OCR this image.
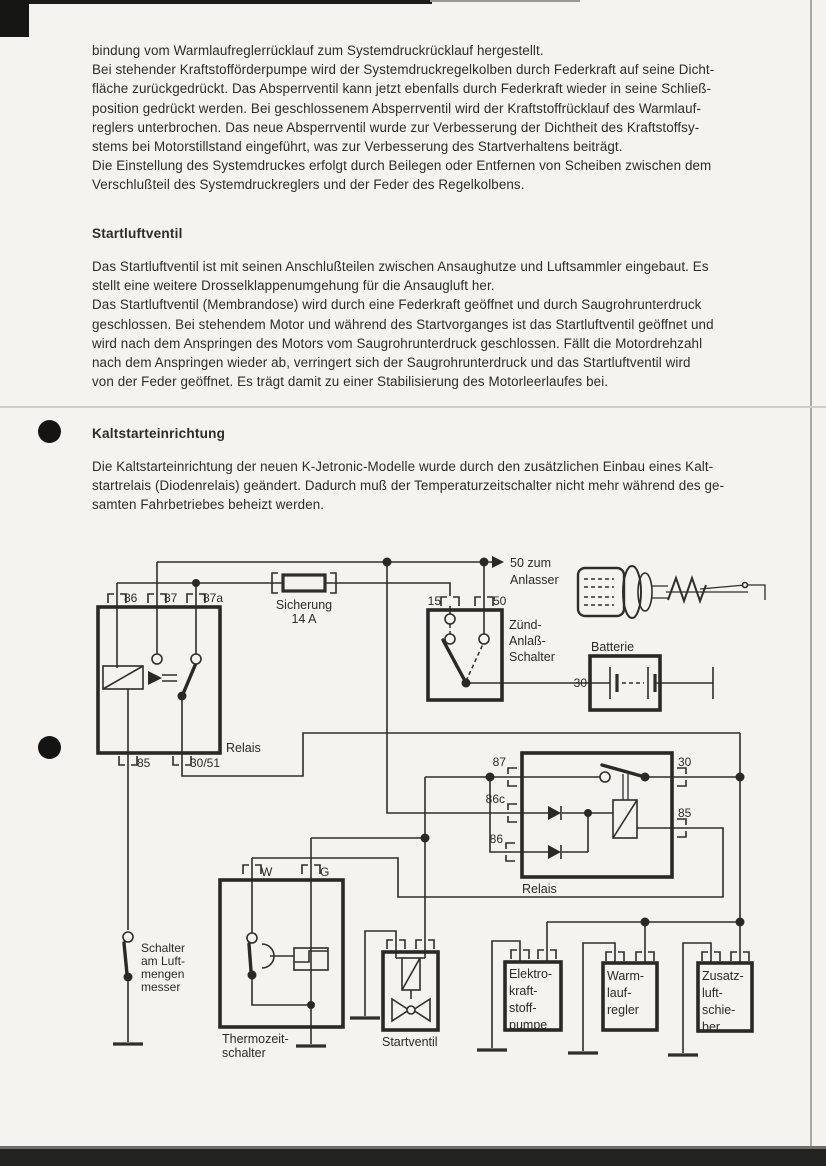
bindung vom Warmlaufreglerrücklauf zum Systemdruckrücklauf hergestellt.
Bei stehender Kraftstofförderpumpe wird der Systemdruckregelkolben durch Federkraft auf seine Dicht-
fläche zurückgedrückt. Das Absperrventil kann jetzt ebenfalls durch Federkraft wieder in seine Schließ-
position gedrückt werden. Bei geschlossenem Absperrventil wird der Kraftstoffrücklauf des Warmlauf-
reglers unterbrochen. Das neue Absperrventil wurde zur Verbesserung der Dichtheit des Kraftstoffsy-
stems bei Motorstillstand eingeführt, was zur Verbesserung des Startverhaltens beiträgt.
Die Einstellung des Systemdruckes erfolgt durch Beilegen oder Entfernen von Scheiben zwischen dem
Verschlußteil des Systemdruckreglers und der Feder des Regelkolbens.
Startluftventil
Das Startluftventil ist mit seinen Anschlußteilen zwischen Ansaughutze und Luftsammler eingebaut. Es
stellt eine weitere Drosselklappenumgehung für die Ansaugluft her.
Das Startluftventil (Membrandose) wird durch eine Federkraft geöffnet und durch Saugrohrunterdruck
geschlossen. Bei stehendem Motor und während des Startvorganges ist das Startluftventil geöffnet und
wird nach dem Anspringen des Motors vom Saugrohrunterdruck geschlossen. Fällt die Motordrehzahl
nach dem Anspringen wieder ab, verringert sich der Saugrohrunterdruck und das Startluftventil wird
von der Feder geöffnet. Es trägt damit zu einer Stabilisierung des Motorleerlaufes bei.
Kaltstarteinrichtung
Die Kaltstarteinrichtung der neuen K-Jetronic-Modelle wurde durch den zusätzlichen Einbau eines Kalt-
startrelais (Diodenrelais) geändert. Dadurch muß der Temperaturzeitschalter nicht mehr während des ge-
samten Fahrbetriebes beheizt werden.
86 87 87a
85	30/51
Relais
Sicherung
14 A
50 zum
Anlasser
15	50
Zünd-
Anlaß-
Schalter
Batterie
30
87	30
86c
86
85
Relais
Schalter
am Luft-
mengen
messer
W	G
Thermozeit-
schalter
Startventil
Elektro-
kraft-
stoff-
pumpe
Warm-
lauf-
regler
Zusatz-
luft-
schie-
ber
